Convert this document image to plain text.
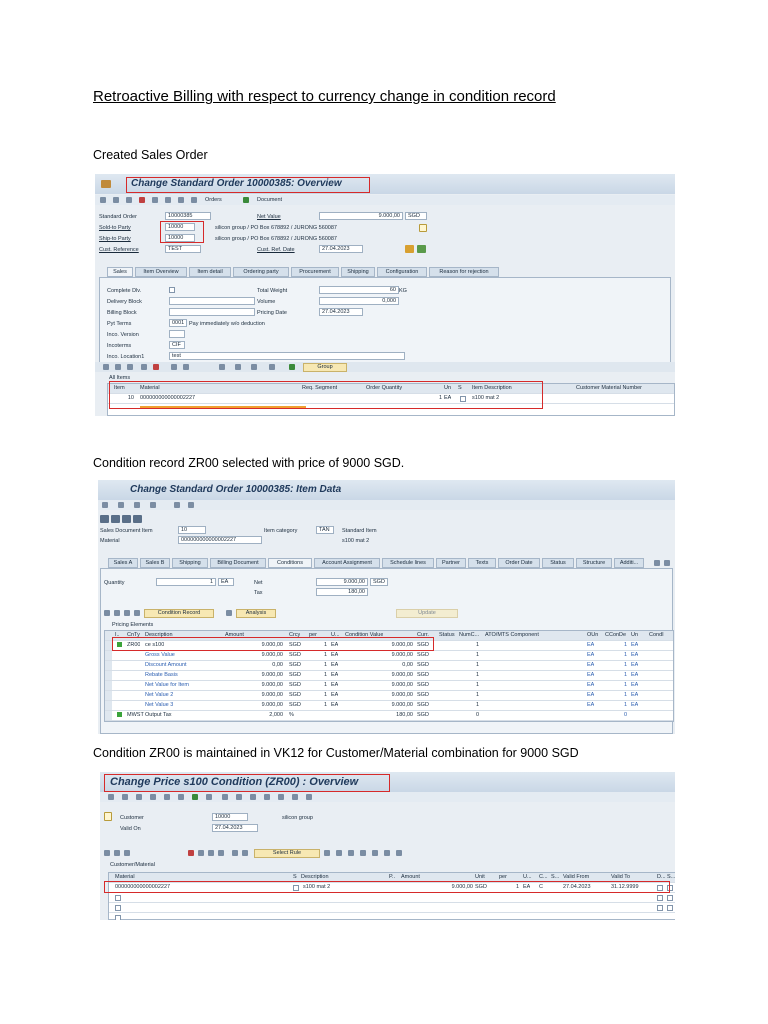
Retroactive Billing with respect to currency change in condition record
Created Sales Order
Condition record ZR00 selected with price of 9000 SGD.
Condition ZR00 is maintained in VK12 for Customer/Material combination for 9000 SGD
Change Standard Order 10000385: Overview
Orders	Document
Standard Order	10000385	Net Value	9.000,00	SGD
Sold-to Party	10000	silicon group / PO Box 678892 / JURONG 560087
Ship-to Party	10000	silicon group / PO Box 678892 / JURONG 560087
Cust. Reference	TEST	Cust. Ref. Date	27.04.2023
Sales	Item Overview	Item detail	Ordering party	Procurement	Shipping	Configuration	Reason for rejection
Complete Dlv.	Total Weight	60 KG
Delivery Block	Volume	0,000
Billing Block	Pricing Date	27.04.2023
Pyt Terms	0001 Pay immediately w/o deduction
Inco. Version
Incoterms	CIF
Inco. Location1	test
Group
All Items
Item	Material	Req. Segment	Order Quantity	Un S Item Description	Customer Material Number
10 000000000000002227	1 EA	s100 mat 2
Change Standard Order 10000385: Item Data
Sales Document Item	10	Item category	TAN	Standard Item
Material	000000000000002227	s100 mat 2
Sales A	Sales B	Shipping	Billing Document	Conditions	Account Assignment	Schedule lines	Partner	Texts	Order Date	Status	Structure	Additi...
Quantity	1	EA	Net	9.000,00	SGD
Tax	180,00
Condition Record	Analysis	Update
Pricing Elements
I.. CnTy Description	Amount	Crcy per	U... Condition Value	Curr. Status NumC... ATO/MTS Component	OUn CConDe Un CondI
ZR00 ce s100	9.000,00 SGD	1 EA	9.000,00 SGD	1	EA	1 EA
Gross Value	9.000,00 SGD	1 EA	9.000,00 SGD	1	EA	1 EA
Discount Amount	0,00 SGD	1 EA	0,00 SGD	1	EA	1 EA
Rebate Basis	9.000,00 SGD	1 EA	9.000,00 SGD	1	EA	1 EA
Net Value for Item	9.000,00 SGD	1 EA	9.000,00 SGD	1	EA	1 EA
Net Value 2	9.000,00 SGD	1 EA	9.000,00 SGD	1	EA	1 EA
Net Value 3	9.000,00 SGD	1 EA	9.000,00 SGD	1	EA	1 EA
MWST Output Tax	2,000 %	180,00 SGD	0	0
Change Price s100 Condition (ZR00) : Overview
Customer	10000	silicon group
Valid On	27.04.2023
Select Rule
Customer/Material
Material	S Description	P.. Amount	Unit	per	U... C... S... Valid From	Valid To	D... S...
000000000000002227	s100 mat 2	9.000,00 SGD	1 EA C	27.04.2023	31.12.9999
